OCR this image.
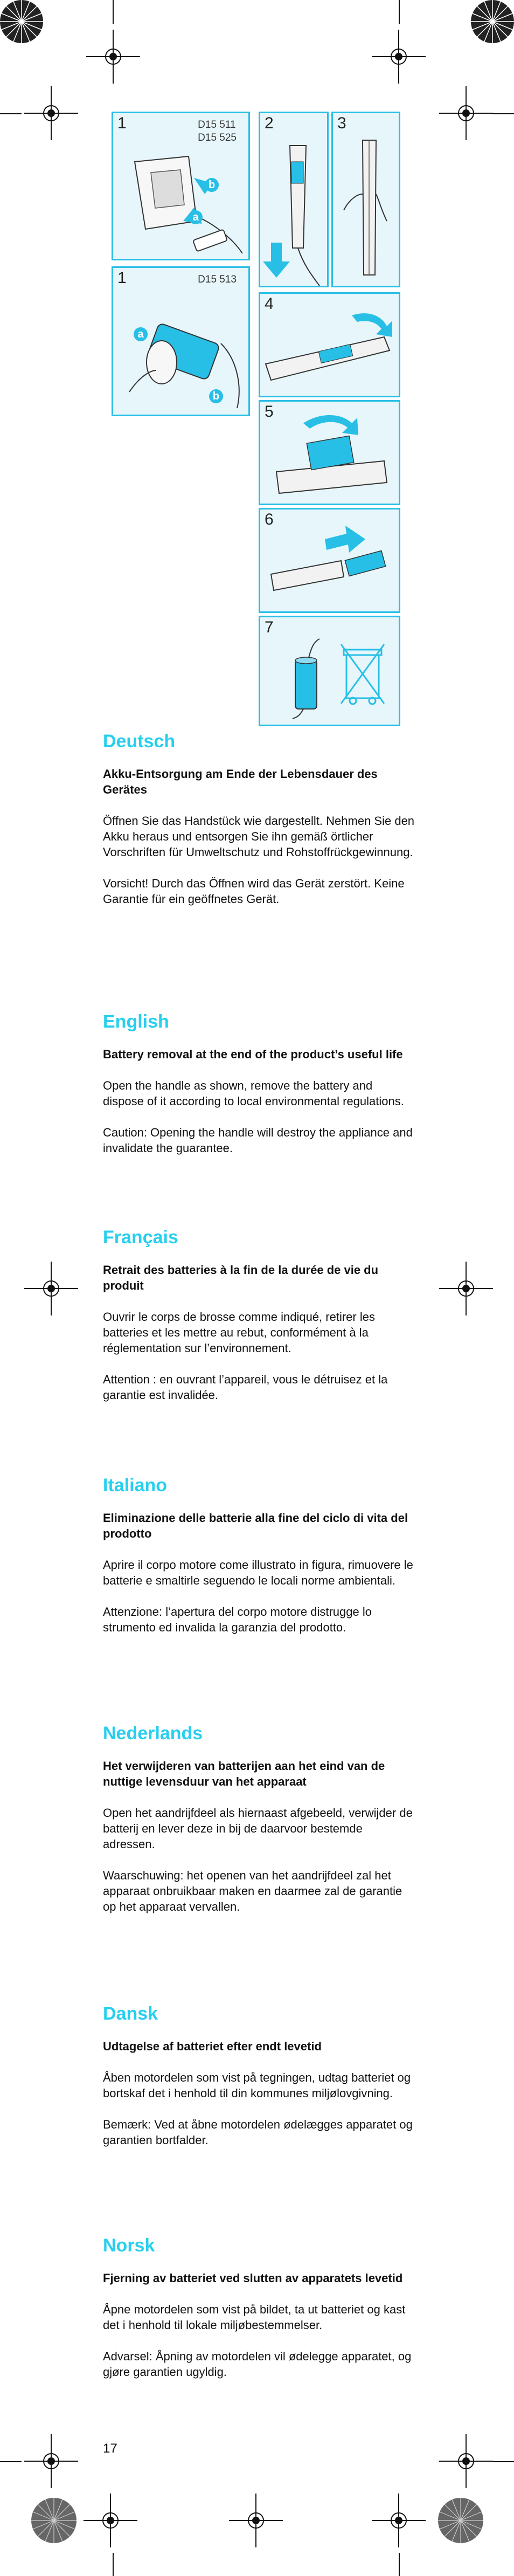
1	D15 511
D15 525
b
a
2	3
1	D15 513
a
b
4
5
6
7
Deutsch
Akku-Entsorgung am Ende der Lebensdauer des Gerätes

Öffnen Sie das Handstück wie dargestellt. Nehmen Sie den Akku heraus und entsorgen Sie ihn gemäß örtlicher Vorschriften für Umweltschutz und Rohstoffrückgewinnung.

Vorsicht! Durch das Öffnen wird das Gerät zerstört. Keine Garantie für ein geöffnetes Gerät.

English
Battery removal at the end of the product’s useful life

Open the handle as shown, remove the battery and dispose of it according to local environmental regulations.

Caution: Opening the handle will destroy the appliance and invalidate the guarantee.

Français
Retrait des batteries à la fin de la durée de vie du produit

Ouvrir le corps de brosse comme indiqué, retirer les batteries et les mettre au rebut, conformément à la réglementation sur l’environnement.

Attention : en ouvrant l’appareil, vous le détruisez et la garantie est invalidée.

Italiano
Eliminazione delle batterie alla fine del ciclo di vita del prodotto

Aprire il corpo motore come illustrato in figura, rimuovere le batterie e smaltirle seguendo le locali norme ambientali.

Attenzione: l’apertura del corpo motore distrugge lo strumento ed invalida la garanzia del prodotto.

Nederlands
Het verwijderen van batterijen aan het eind van de nuttige levensduur van het apparaat

Open het aandrijfdeel als hiernaast afgebeeld, verwijder de batterij en lever deze in bij de daarvoor bestemde adressen.

Waarschuwing: het openen van het aandrijfdeel zal het apparaat onbruikbaar maken en daarmee zal de garantie op het apparaat vervallen.

Dansk
Udtagelse af batteriet efter endt levetid

Åben motordelen som vist på tegningen, udtag batteriet og bortskaf det i henhold til din kommunes miljølovgivning.

Bemærk: Ved at åbne motordelen ødelægges apparatet og garantien bortfalder.

Norsk
Fjerning av batteriet ved slutten av apparatets levetid

Åpne motordelen som vist på bildet, ta ut batteriet og kast det i henhold til lokale miljøbestemmelser.

Advarsel: Åpning av motordelen vil ødelegge apparatet, og gjøre garantien ugyldig.

17
